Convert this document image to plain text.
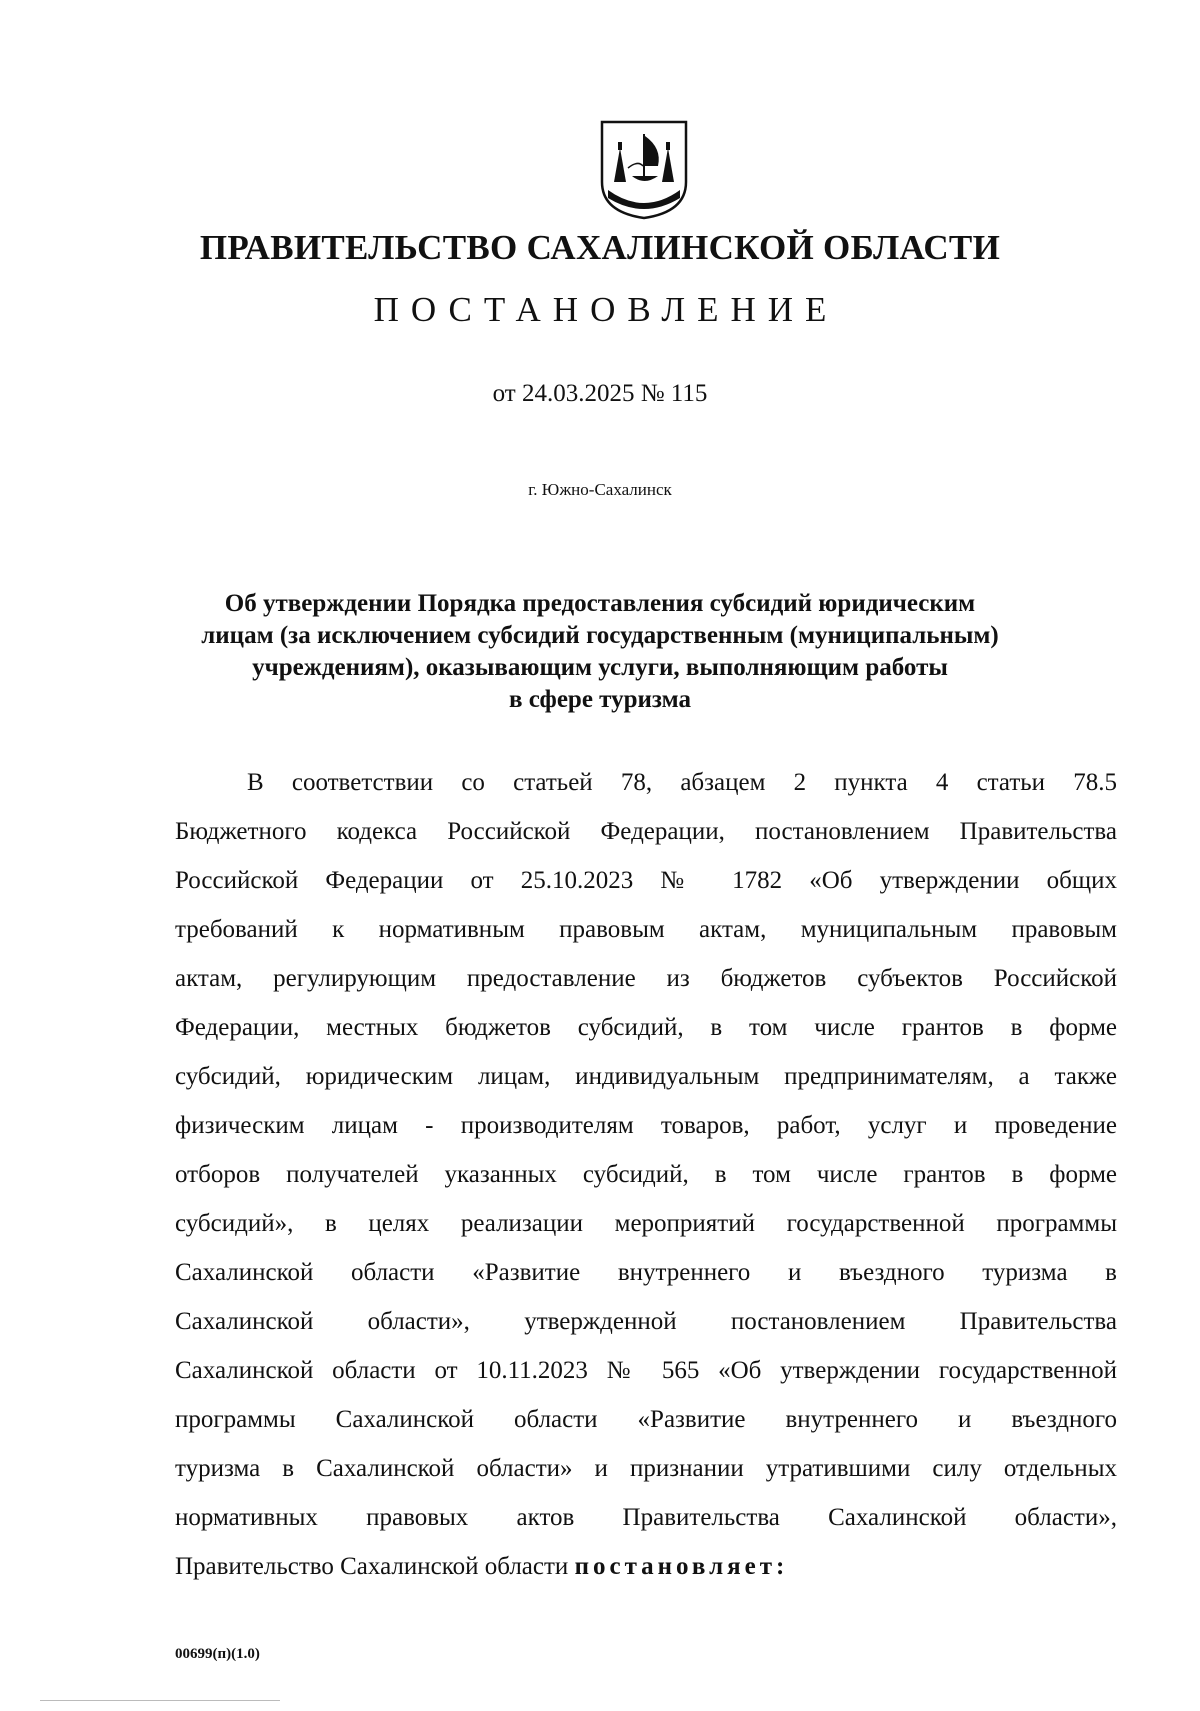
ПРАВИТЕЛЬСТВО САХАЛИНСКОЙ ОБЛАСТИ
ПОСТАНОВЛЕНИЕ
от 24.03.2025 № 115
г. Южно-Сахалинск
Об утверждении Порядка предоставления субсидий юридическим
лицам (за исключением субсидий государственным (муниципальным)
учреждениям), оказывающим услуги, выполняющим работы
в сфере туризма
В соответствии со статьей 78, абзацем 2 пункта 4 статьи 78.5
Бюджетного кодекса Российской Федерации, постановлением Правительства
Российской Федерации от 25.10.2023 № 1782 «Об утверждении общих
требований к нормативным правовым актам, муниципальным правовым
актам, регулирующим предоставление из бюджетов субъектов Российской
Федерации, местных бюджетов субсидий, в том числе грантов в форме
субсидий, юридическим лицам, индивидуальным предпринимателям, а также
физическим лицам - производителям товаров, работ, услуг и проведение
отборов получателей указанных субсидий, в том числе грантов в форме
субсидий», в целях реализации мероприятий государственной программы
Сахалинской области «Развитие внутреннего и въездного туризма в
Сахалинской области», утвержденной постановлением Правительства
Сахалинской области от 10.11.2023 № 565 «Об утверждении государственной
программы Сахалинской области «Развитие внутреннего и въездного
туризма в Сахалинской области» и признании утратившими силу отдельных
нормативных правовых актов Правительства Сахалинской области»,
Правительство Сахалинской области постановляет:
00699(п)(1.0)
